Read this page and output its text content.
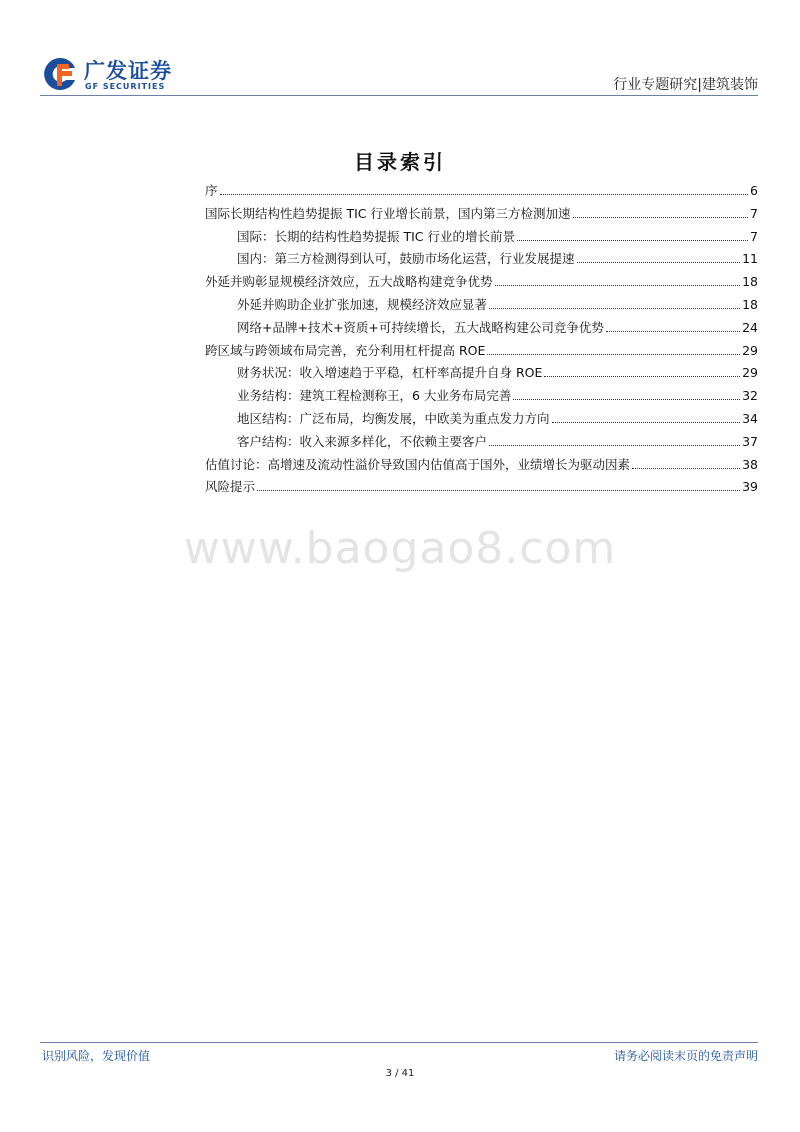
广发证券
GF SECURITIES	行业专题研究|建筑装饰
目录索引
序	6
国际长期结构性趋势提振 TIC 行业增长前景，国内第三方检测加速	7
国际：长期的结构性趋势提振 TIC 行业的增长前景	7
国内：第三方检测得到认可，鼓励市场化运营，行业发展提速	11
外延并购彰显规模经济效应，五大战略构建竞争优势	18
外延并购助企业扩张加速，规模经济效应显著	18
网络+品牌+技术+资质+可持续增长，五大战略构建公司竞争优势	24
跨区域与跨领域布局完善，充分利用杠杆提高 ROE	29
财务状况：收入增速趋于平稳，杠杆率高提升自身 ROE	29
业务结构：建筑工程检测称王，6 大业务布局完善	32
地区结构：广泛布局，均衡发展，中欧美为重点发力方向	34
客户结构：收入来源多样化，不依赖主要客户	37
估值讨论：高增速及流动性溢价导致国内估值高于国外，业绩增长为驱动因素	38
风险提示	39
www.baogao8.com
识别风险，发现价值	请务必阅读末页的免责声明
3 / 41
